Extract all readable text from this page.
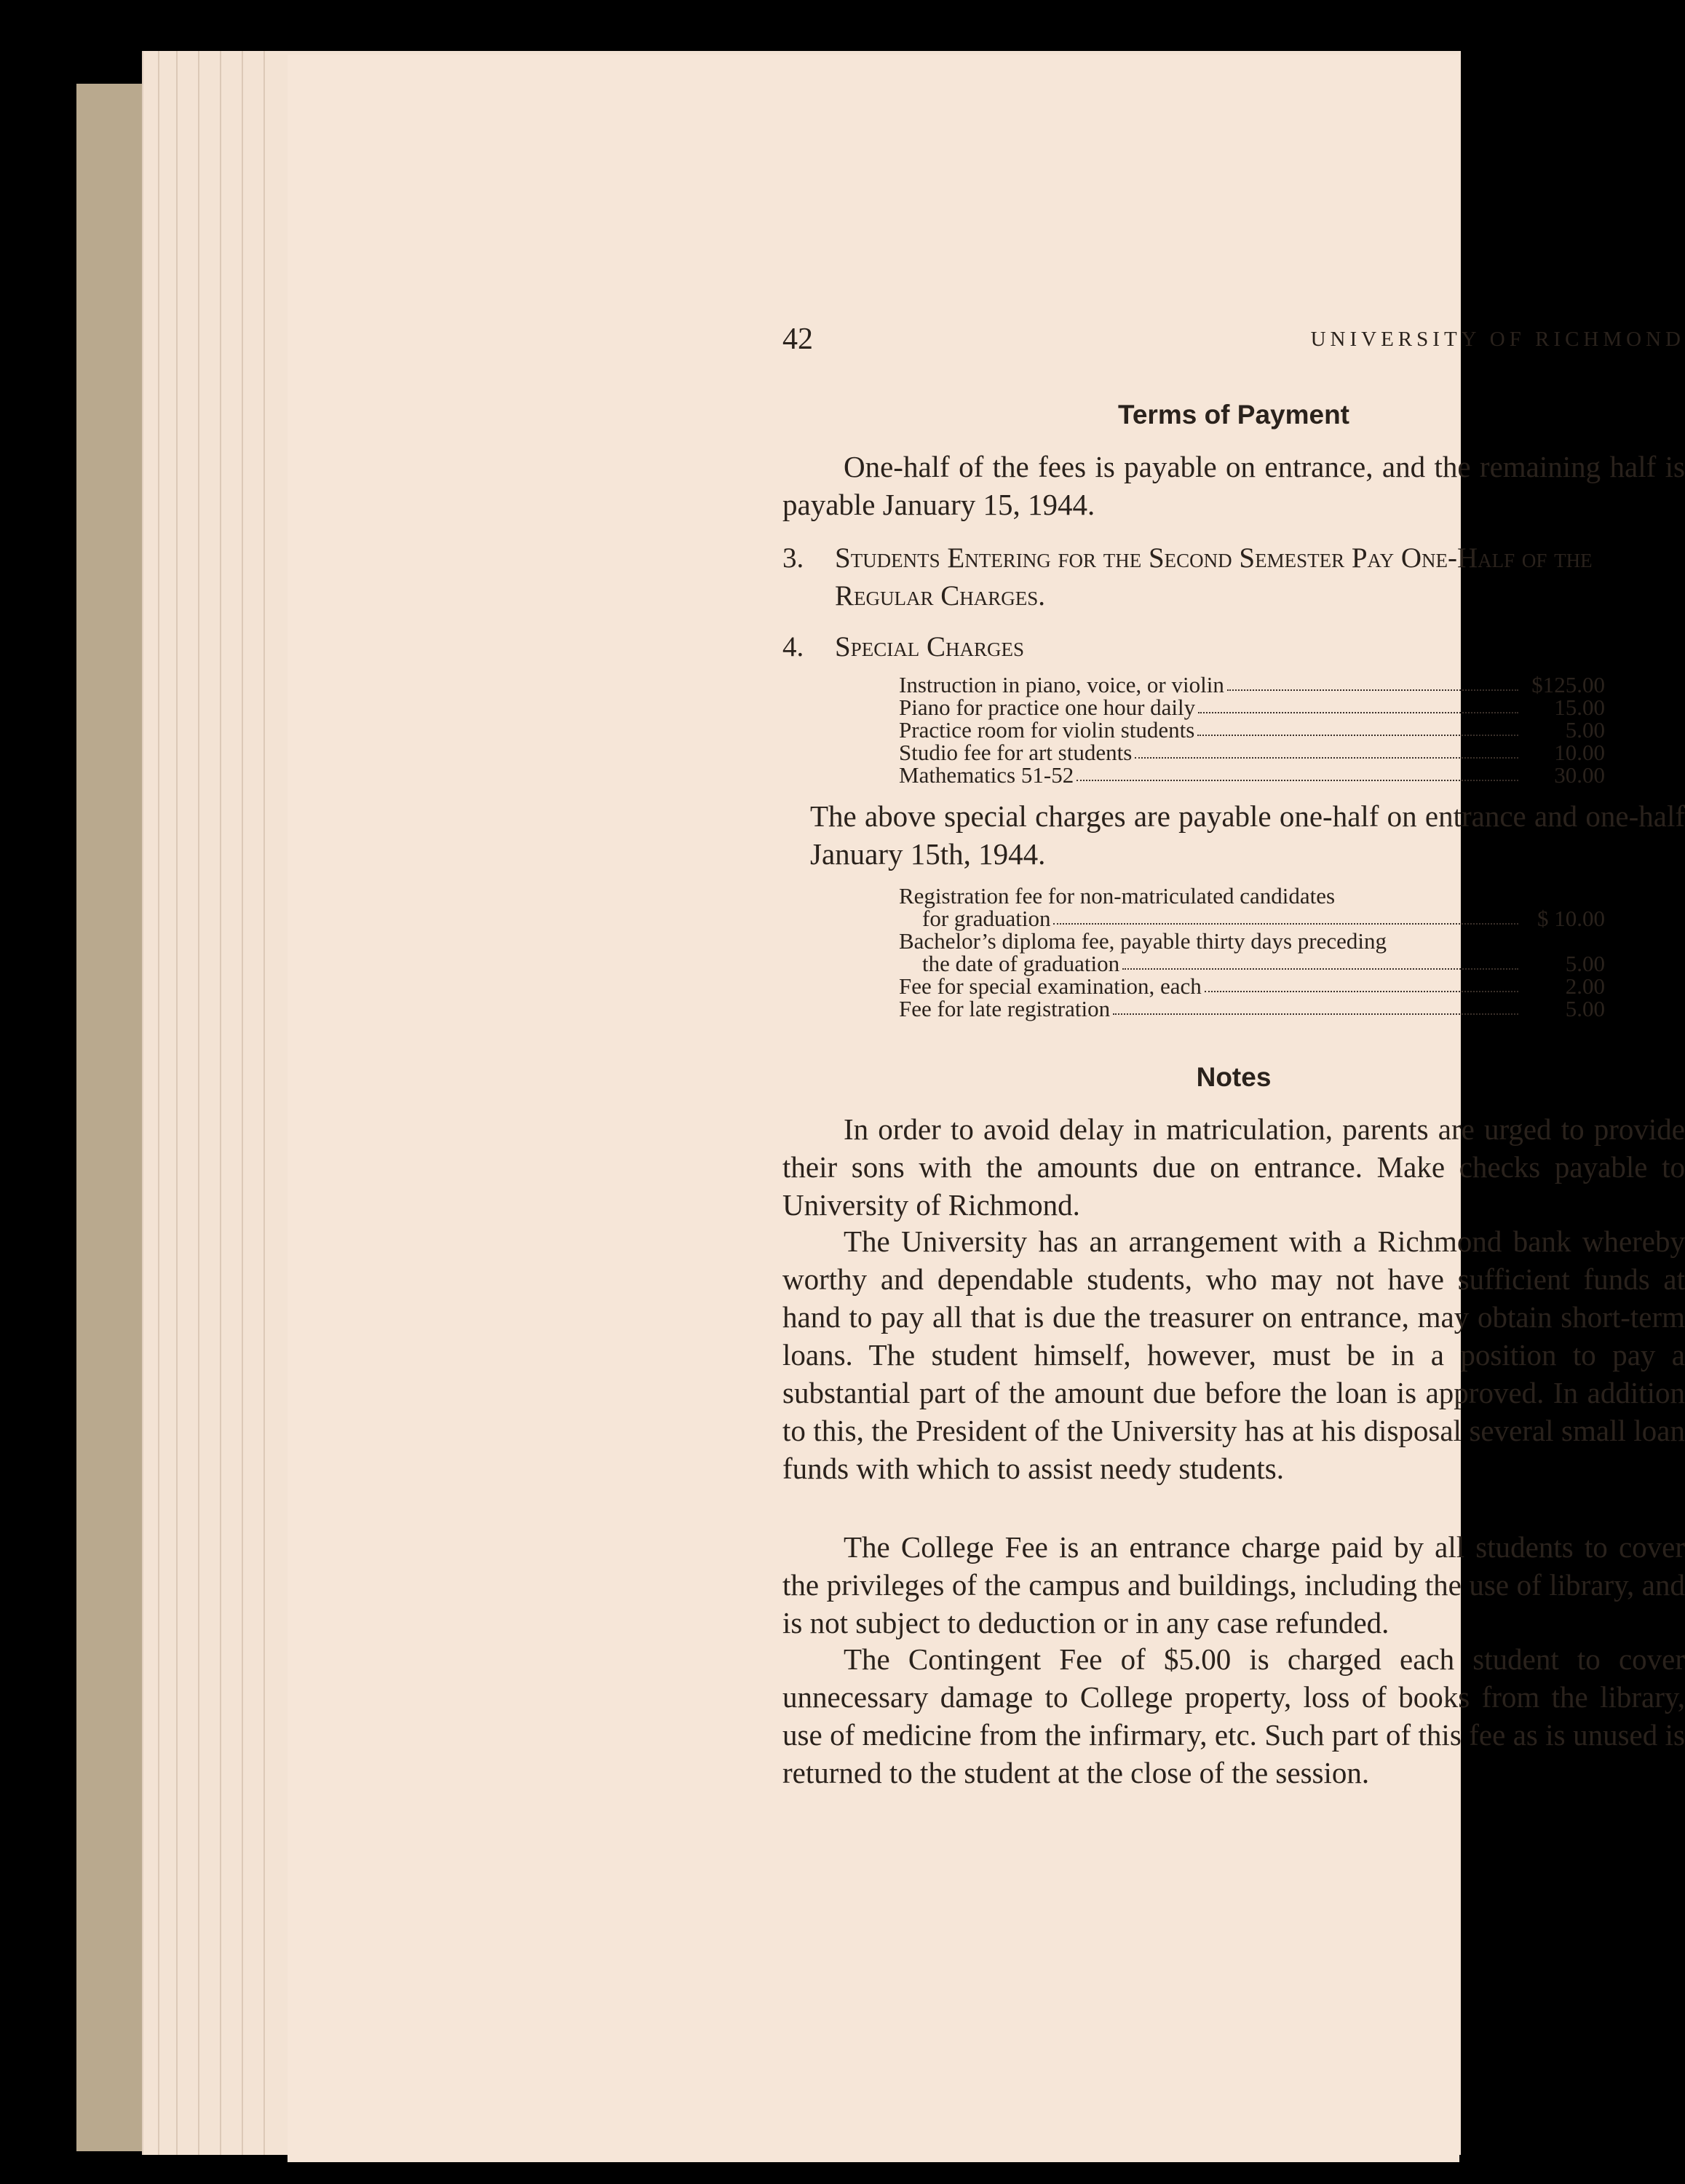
42	UNIVERSITY OF RICHMOND
Terms of Payment

One-half of the fees is payable on entrance, and the remaining half is payable January 15, 1944.

3. Students Entering for the Second Semester Pay One-Half of the Regular Charges.
4. Special Charges
Instruction in piano, voice, or violin	$125.00
Piano for practice one hour daily	15.00
Practice room for violin students	5.00
Studio fee for art students	10.00
Mathematics 51-52	30.00

The above special charges are payable one-half on entrance and one-half January 15th, 1944.

Registration fee for non-matriculated candidates
for graduation	$ 10.00
Bachelor’s diploma fee, payable thirty days preceding
the date of graduation	5.00
Fee for special examination, each	2.00
Fee for late registration	5.00
Notes

In order to avoid delay in matriculation, parents are urged to provide their sons with the amounts due on entrance. Make checks payable to University of Richmond.

The University has an arrangement with a Richmond bank whereby worthy and dependable students, who may not have sufficient funds at hand to pay all that is due the treasurer on entrance, may obtain short-term loans. The student himself, however, must be in a position to pay a substantial part of the amount due before the loan is approved. In addition to this, the President of the University has at his disposal several small loan funds with which to assist needy students.

The College Fee is an entrance charge paid by all students to cover the privileges of the campus and buildings, including the use of library, and is not subject to deduction or in any case refunded.

The Contingent Fee of $5.00 is charged each student to cover unnecessary damage to College property, loss of books from the library, use of medicine from the infirmary, etc. Such part of this fee as is unused is returned to the student at the close of the session.
